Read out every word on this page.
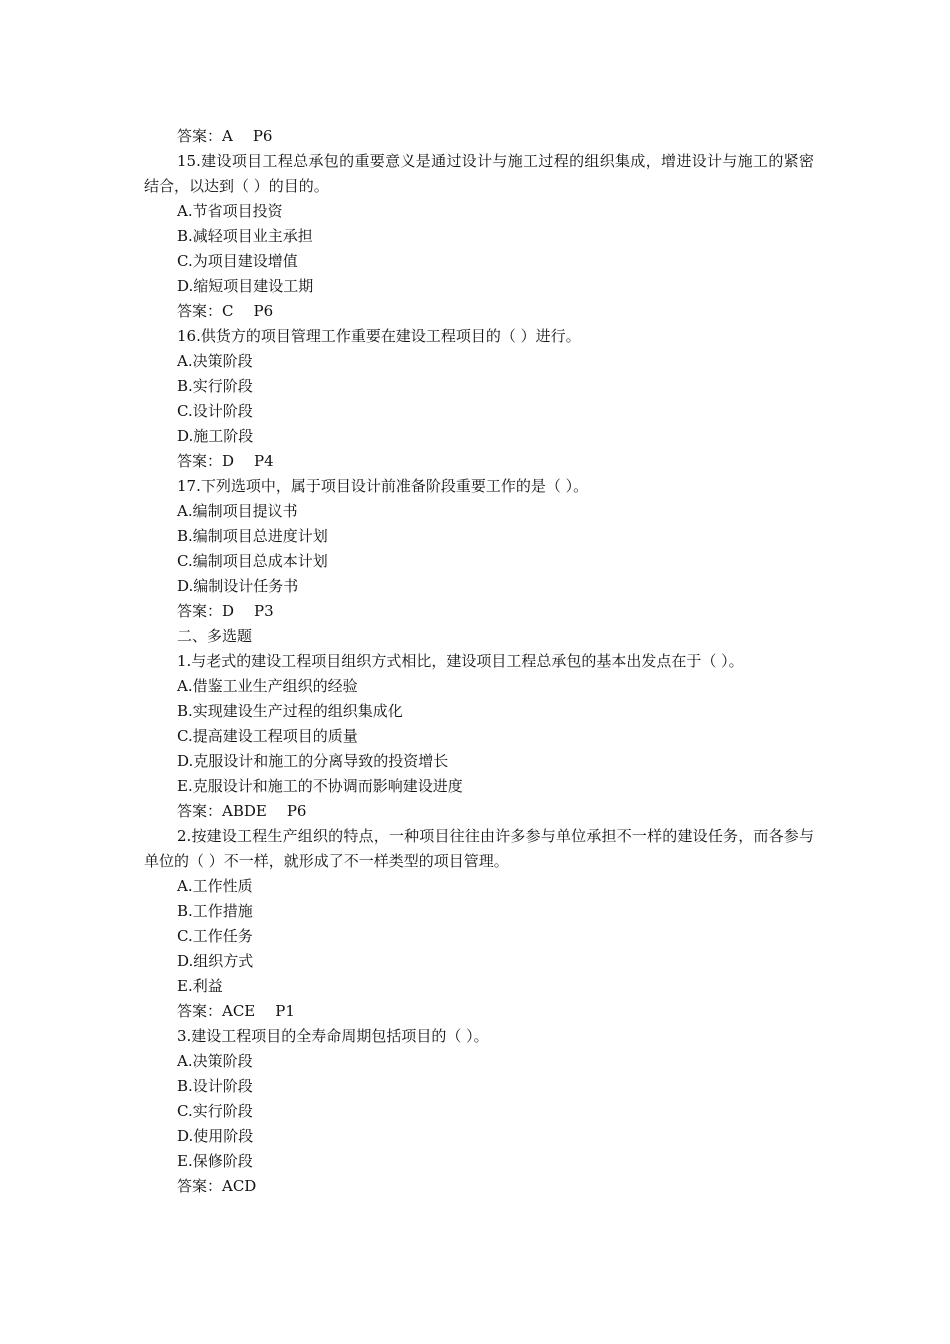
答案：A P6

15.建设项目工程总承包的重要意义是通过设计与施工过程的组织集成，增进设计与施工的紧密结合，以达到（ ）的目的。

A.节省项目投资

B.减轻项目业主承担

C.为项目建设增值

D.缩短项目建设工期

答案：C P6

16.供货方的项目管理工作重要在建设工程项目的（ ）进行。

A.决策阶段

B.实行阶段

C.设计阶段

D.施工阶段

答案：D P4

17.下列选项中，属于项目设计前准备阶段重要工作的是（ ）。

A.编制项目提议书

B.编制项目总进度计划

C.编制项目总成本计划

D.编制设计任务书

答案：D P3

二、多选题

1.与老式的建设工程项目组织方式相比，建设项目工程总承包的基本出发点在于（ ）。

A.借鉴工业生产组织的经验

B.实现建设生产过程的组织集成化

C.提高建设工程项目的质量

D.克服设计和施工的分离导致的投资增长

E.克服设计和施工的不协调而影响建设进度

答案：ABDE P6

2.按建设工程生产组织的特点，一种项目往往由许多参与单位承担不一样的建设任务，而各参与单位的（ ）不一样，就形成了不一样类型的项目管理。

A.工作性质

B.工作措施

C.工作任务

D.组织方式

E.利益

答案：ACE P1

3.建设工程项目的全寿命周期包括项目的（ ）。

A.决策阶段

B.设计阶段

C.实行阶段

D.使用阶段

E.保修阶段

答案：ACD
